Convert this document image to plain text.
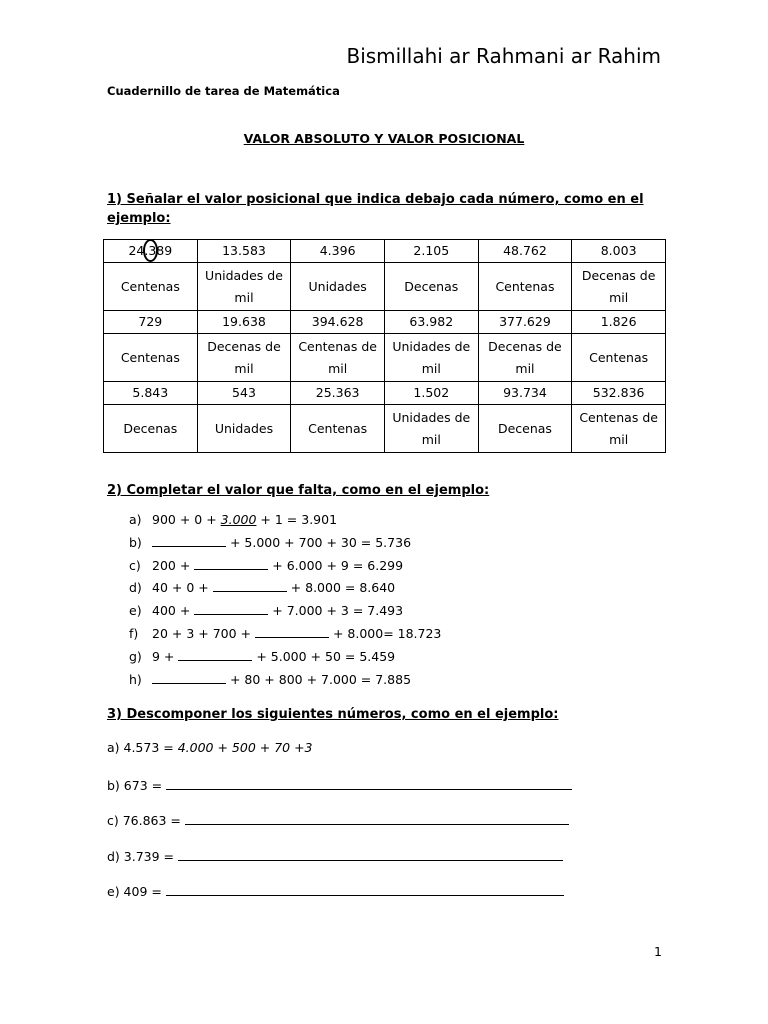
Bismillahi ar Rahmani ar Rahim
Cuadernillo de tarea de Matemática
VALOR ABSOLUTO Y VALOR POSICIONAL
1) Señalar el valor posicional que indica debajo cada número, como en el ejemplo:
24.389	13.583	4.396	2.105	48.762	8.003
Centenas	Unidades de mil	Unidades	Decenas	Centenas	Decenas de mil
729	19.638	394.628	63.982	377.629	1.826
Centenas	Decenas de mil	Centenas de mil	Unidades de mil	Decenas de mil	Centenas
5.843	543	25.363	1.502	93.734	532.836
Decenas	Unidades	Centenas	Unidades de mil	Decenas	Centenas de mil
2) Completar el valor que falta, como en el ejemplo:
a) 900 + 0 + 3.000 + 1 = 3.901
b)	+ 5.000 + 700 + 30 = 5.736
c) 200 +	+ 6.000 + 9 = 6.299
d) 40 + 0 +	+ 8.000 = 8.640
e) 400 +	+ 7.000 + 3 = 7.493
f) 20 + 3 + 700 +	+ 8.000= 18.723
g) 9 +	+ 5.000 + 50 = 5.459
h)	+ 80 + 800 + 7.000 = 7.885
3) Descomponer los siguientes números, como en el ejemplo:
a) 4.573 = 4.000 + 500 + 70 +3
b) 673 =
c) 76.863 =
d) 3.739 =
e) 409 =
1
